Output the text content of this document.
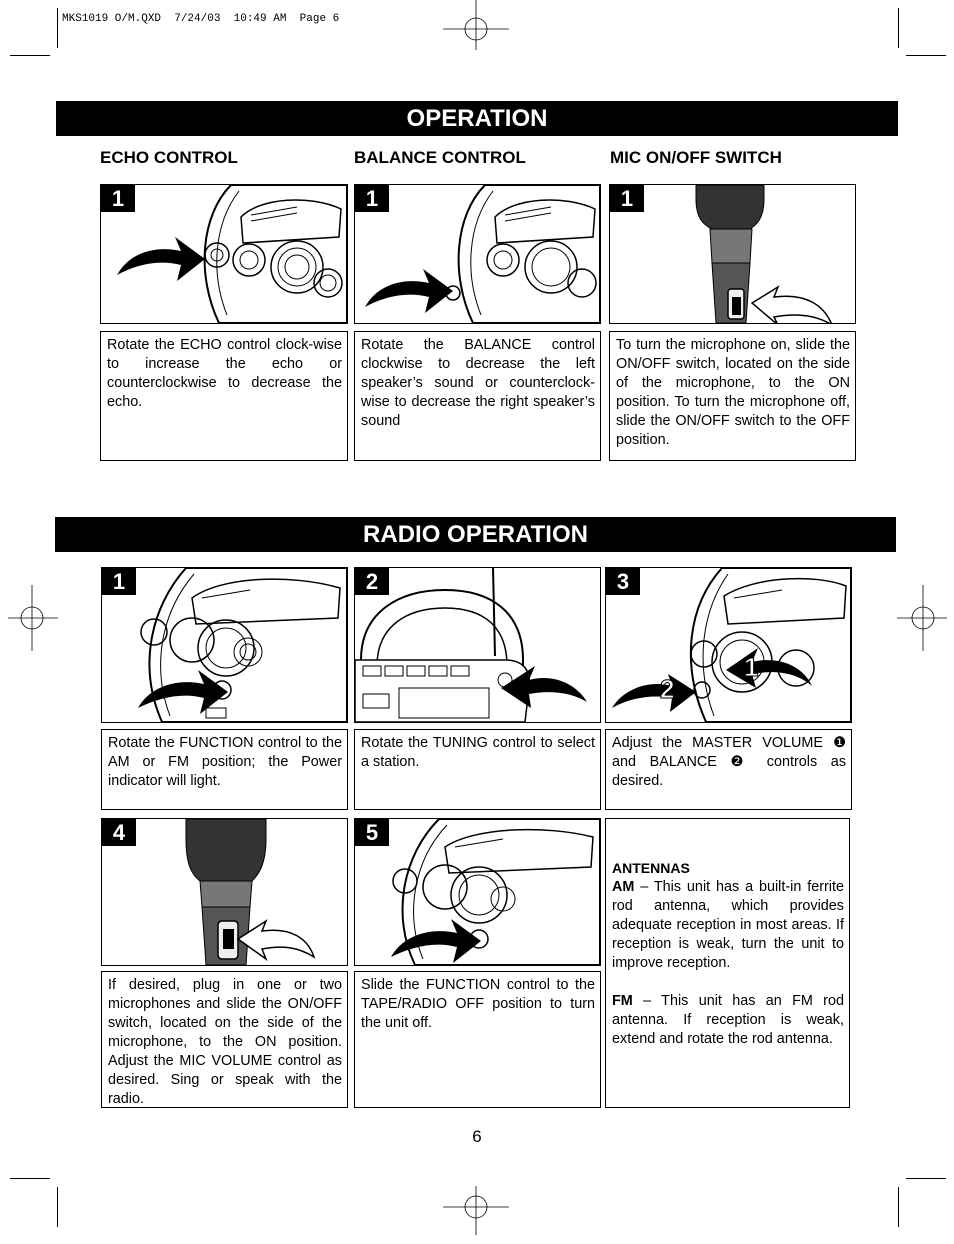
MKS1019 O/M.QXD  7/24/03  10:49 AM  Page 6
OPERATION
ECHO CONTROL	BALANCE CONTROL	MIC ON/OFF SWITCH
1	1	1

Rotate the ECHO control clock-wise to increase the echo or counterclockwise to decrease the echo.

Rotate the BALANCE control clockwise to decrease the left speaker’s sound or counterclock-wise to decrease the right speaker’s sound

To turn the microphone on, slide the ON/OFF switch, located on the side of the microphone, to the ON position. To turn the microphone off, slide the ON/OFF switch to the OFF position.

RADIO OPERATION
1	2
1
2
3

Rotate the FUNCTION control to the AM or FM position; the Power indicator will light.

Rotate the TUNING control to select a station.

Adjust the MASTER VOLUME ❶ and BALANCE ❷ controls as desired.

4	5

If desired, plug in one or two microphones and slide the ON/OFF switch, located on the side of the microphone, to the ON position. Adjust the MIC VOLUME control as desired. Sing or speak with the radio.

Slide the FUNCTION control to the TAPE/RADIO OFF position to turn the unit off.

ANTENNAS

AM – This unit has a built-in ferrite rod antenna, which provides adequate reception in most areas. If reception is weak, turn the unit to improve reception.

FM – This unit has an FM rod antenna. If reception is weak, extend and rotate the rod antenna.

6
